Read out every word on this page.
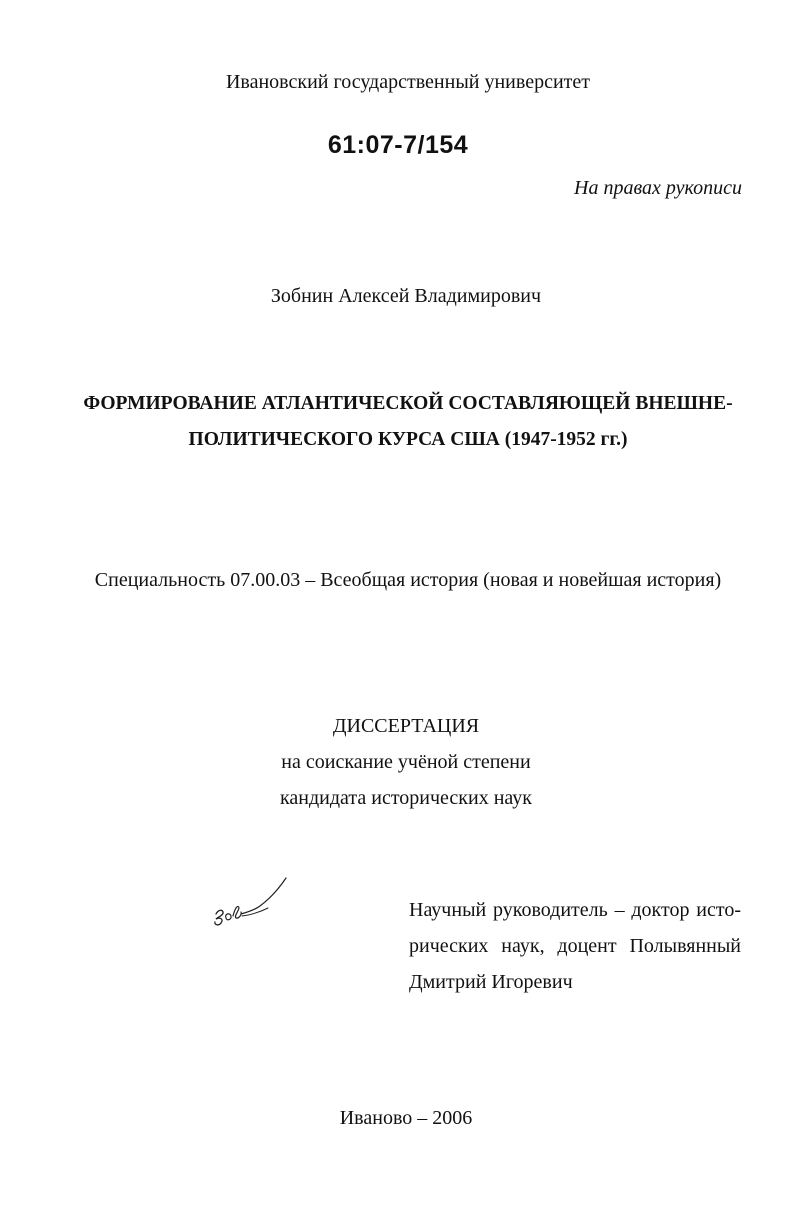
Ивановский государственный университет
61:07-7/154
На правах рукописи
Зобнин Алексей Владимирович
ФОРМИРОВАНИЕ АТЛАНТИЧЕСКОЙ СОСТАВЛЯЮЩЕЙ ВНЕШНЕ-
ПОЛИТИЧЕСКОГО КУРСА США (1947-1952 гг.)
Специальность 07.00.03 – Всеобщая история (новая и новейшая история)
ДИССЕРТАЦИЯ
на соискание учёной степени
кандидата исторических наук
Научный руководитель – доктор исто-
рических наук, доцент Полывянный
Дмитрий Игоревич
Иваново – 2006
